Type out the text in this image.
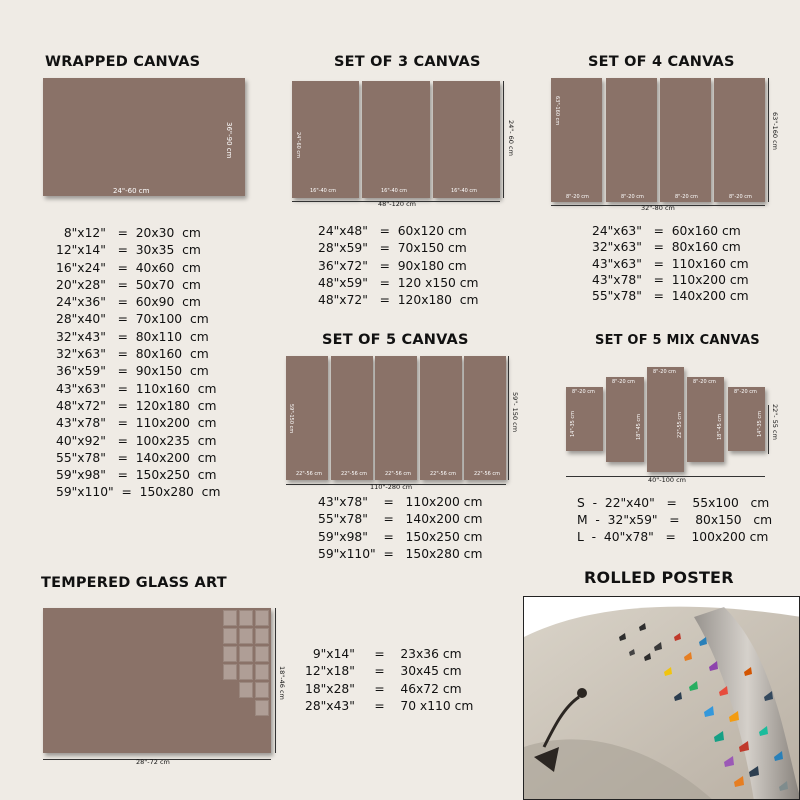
WRAPPED CANVAS
24"-60 cm
36"-90 cm
8"x12"   =  20x30  cm
12"x14"   =  30x35  cm
16"x24"   =  40x60  cm
20"x28"   =  50x70  cm
24"x36"   =  60x90  cm
28"x40"   =  70x100  cm
32"x43"   =  80x110  cm
32"x63"   =  80x160  cm
36"x59"   =  90x150  cm
43"x63"   =  110x160  cm
48"x72"   =  120x180  cm
43"x78"   =  110x200  cm
40"x92"   =  100x235  cm
55"x78"   =  140x200  cm
59"x98"   =  150x250  cm
59"x110"  =  150x280  cm
SET OF 3 CANVAS
24"-60 cm
16"-40 cm	16"-40 cm	16"-40 cm
48"-120 cm
24"- 60 cm
24"x48"   =  60x120 cm
28"x59"   =  70x150 cm
36"x72"   =  90x180 cm
48"x59"   =  120 x150 cm
48"x72"   =  120x180  cm
SET OF 4 CANVAS
63"-160 cm
8"-20 cm	8"-20 cm	8"-20 cm	8"-20 cm
32"-80 cm
63"-160 cm
24"x63"   =  60x160 cm
32"x63"   =  80x160 cm
43"x63"   =  110x160 cm
43"x78"   =  110x200 cm
55"x78"   =  140x200 cm
SET OF 5 CANVAS
59"-150 cm
22"-56 cm	22"-56 cm	22"-56 cm	22"-56 cm	22"-56 cm
110"-280 cm
59"- 150 cm
43"x78"    =   110x200 cm
55"x78"    =   140x200 cm
59"x98"    =   150x250 cm
59"x110"  =   150x280 cm
SET OF 5 MIX CANVAS
8"-20 cm
8"-20 cm
8"-20 cm
8"-20 cm
8"-20 cm
14"-35 cm	18"-45 cm	22"-55 cm	18"-45 cm	14"-35 cm
40"-100 cm
22"- 55 cm
S  -  22"x40"   =    55x100   cm
M  -  32"x59"   =    80x150   cm
L  -  40"x78"   =    100x200 cm
TEMPERED GLASS ART
28"-72 cm
18"-46 cm
9"x14"     =    23x36 cm
12"x18"     =    30x45 cm
18"x28"     =    46x72 cm
28"x43"     =    70 x110 cm
ROLLED POSTER
